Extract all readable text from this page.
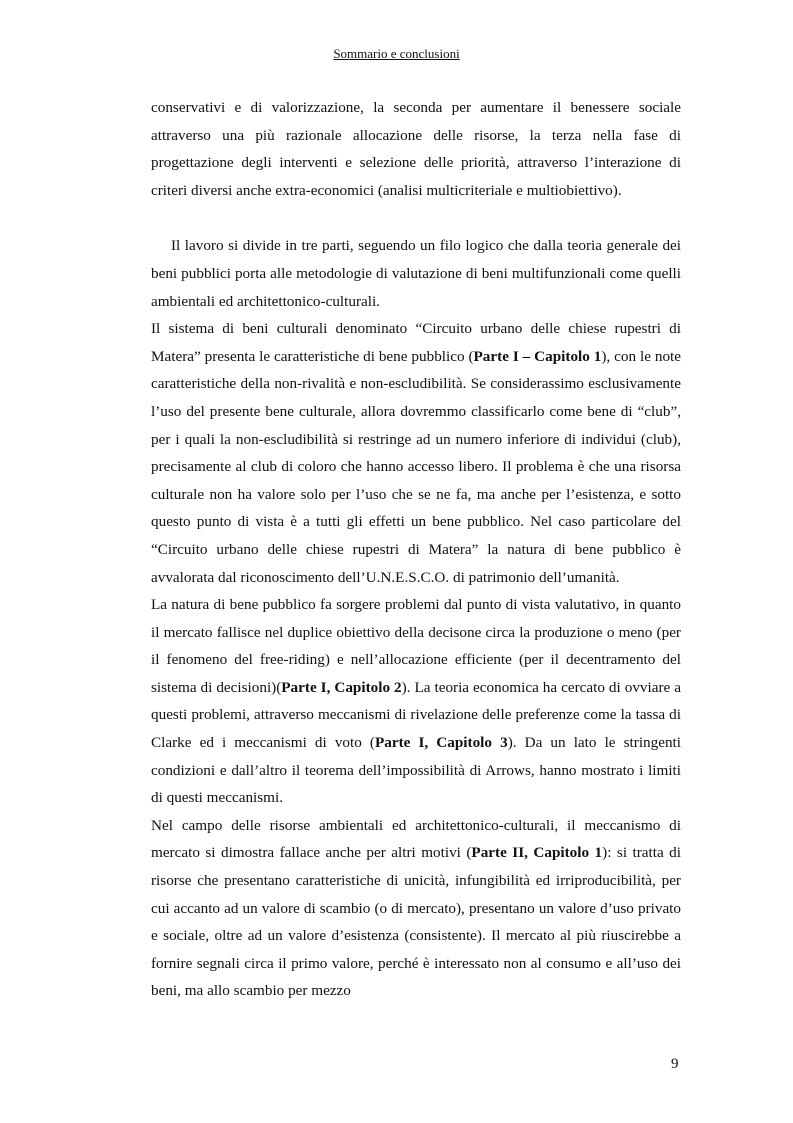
Sommario e conclusioni

conservativi e di valorizzazione, la seconda per aumentare il benessere sociale attraverso una più razionale allocazione delle risorse, la terza nella fase di progettazione degli interventi e selezione delle priorità, attraverso l’interazione di criteri diversi anche extra-economici (analisi multicriteriale e multiobiettivo).

Il lavoro si divide in tre parti, seguendo un filo logico che dalla teoria generale dei beni pubblici porta alle metodologie di valutazione di beni multifunzionali come quelli ambientali ed architettonico-culturali.

Il sistema di beni culturali denominato “Circuito urbano delle chiese rupestri di Matera” presenta le caratteristiche di bene pubblico (Parte I – Capitolo 1), con le note caratteristiche della non-rivalità e non-escludibilità. Se considerassimo esclusivamente l’uso del presente bene culturale, allora dovremmo classificarlo come bene di “club”, per i quali la non-escludibilità si restringe ad un numero inferiore di individui (club), precisamente al club di coloro che hanno accesso libero. Il problema è che una risorsa culturale non ha valore solo per l’uso che se ne fa, ma anche per l’esistenza, e sotto questo punto di vista è a tutti gli effetti un bene pubblico. Nel caso particolare del “Circuito urbano delle chiese rupestri di Matera” la natura di bene pubblico è avvalorata dal riconoscimento dell’U.N.E.S.C.O. di patrimonio dell’umanità.

La natura di bene pubblico fa sorgere problemi dal punto di vista valutativo, in quanto il mercato fallisce nel duplice obiettivo della decisone circa la produzione o meno (per il fenomeno del free-riding) e nell’allocazione efficiente (per il decentramento del sistema di decisioni)(Parte I, Capitolo 2). La teoria economica ha cercato di ovviare a questi problemi, attraverso meccanismi di rivelazione delle preferenze come la tassa di Clarke ed i meccanismi di voto (Parte I, Capitolo 3). Da un lato le stringenti condizioni e dall’altro il teorema dell’impossibilità di Arrows, hanno mostrato i limiti di questi meccanismi.

Nel campo delle risorse ambientali ed architettonico-culturali, il meccanismo di mercato si dimostra fallace anche per altri motivi (Parte II, Capitolo 1): si tratta di risorse che presentano caratteristiche di unicità, infungibilità ed irriproducibilità, per cui accanto ad un valore di scambio (o di mercato), presentano un valore d’uso privato e sociale, oltre ad un valore d’esistenza (consistente). Il mercato al più riuscirebbe a fornire segnali circa il primo valore, perché è interessato non al consumo e all’uso dei beni, ma allo scambio per mezzo

9
